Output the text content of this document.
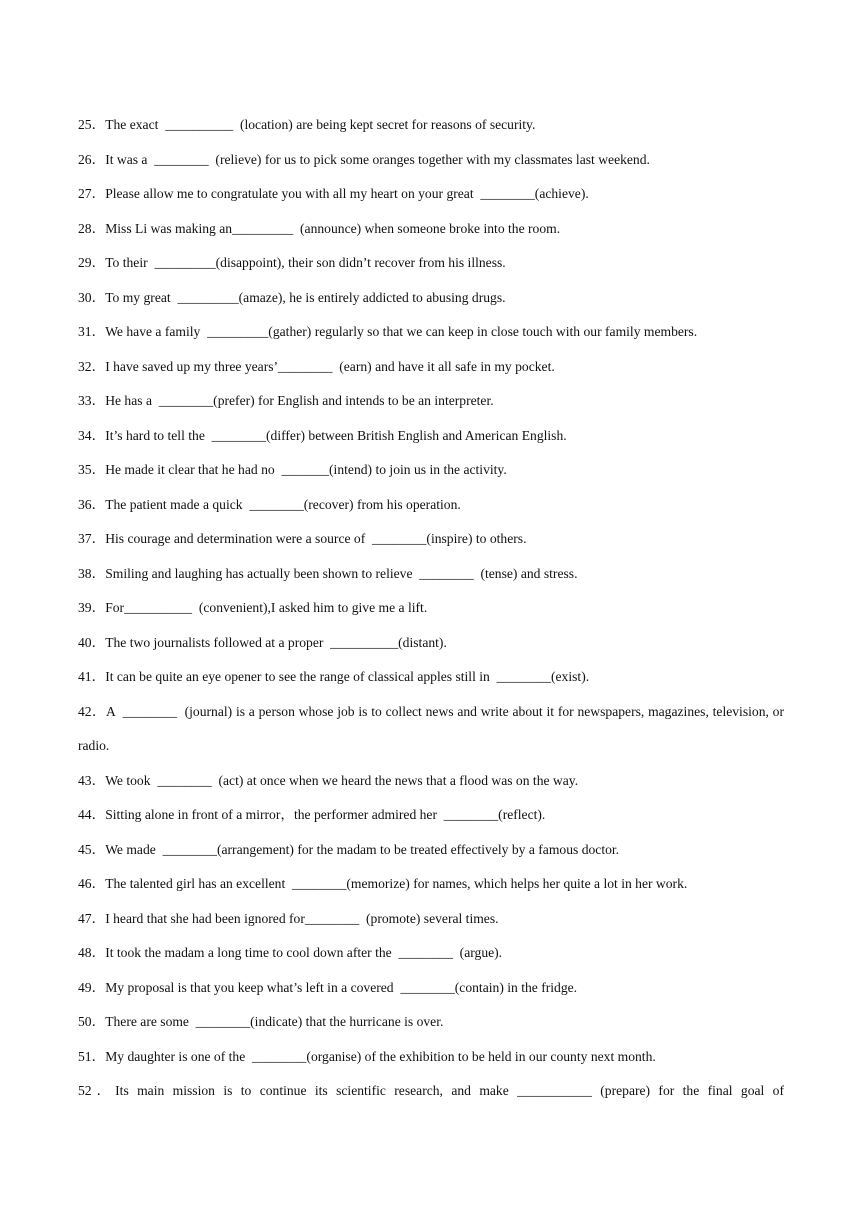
25．The exact  __________  (location) are being kept secret for reasons of security.
26．It was a  ________  (relieve) for us to pick some oranges together with my classmates last weekend.
27．Please allow me to congratulate you with all my heart on your great  ________(achieve).
28．Miss Li was making an_________  (announce) when someone broke into the room.
29．To their  _________(disappoint), their son didn’t recover from his illness.
30．To my great  _________(amaze), he is entirely addicted to abusing drugs.
31．We have a family  _________(gather) regularly so that we can keep in close touch with our family members.
32．I have saved up my three years’________  (earn) and have it all safe in my pocket.
33．He has a  ________(prefer) for English and intends to be an interpreter.
34．It’s hard to tell the  ________(differ) between British English and American English.
35．He made it clear that he had no  _______(intend) to join us in the activity.
36．The patient made a quick  ________(recover) from his operation.
37．His courage and determination were a source of  ________(inspire) to others.
38．Smiling and laughing has actually been shown to relieve  ________  (tense) and stress.
39．For__________  (convenient),I asked him to give me a lift.
40．The two journalists followed at a proper  __________(distant).
41．It can be quite an eye opener to see the range of classical apples still in  ________(exist).
42．A  ________  (journal) is a person whose job is to collect news and write about it for newspapers, magazines, television, or radio.
43．We took  ________  (act) at once when we heard the news that a flood was on the way.
44．Sitting alone in front of a mirror，the performer admired her  ________(reflect).
45．We made  ________(arrangement) for the madam to be treated effectively by a famous doctor.
46．The talented girl has an excellent  ________(memorize) for names, which helps her quite a lot in her work.
47．I heard that she had been ignored for________  (promote) several times.
48．It took the madam a long time to cool down after the  ________  (argue).
49．My proposal is that you keep what’s left in a covered  ________(contain) in the fridge.
50．There are some  ________(indicate) that the hurricane is over.
51．My daughter is one of the  ________(organise) of the exhibition to be held in our county next month.
52．Its main mission is to continue its scientific research, and make ___________ (prepare) for the final goal of
